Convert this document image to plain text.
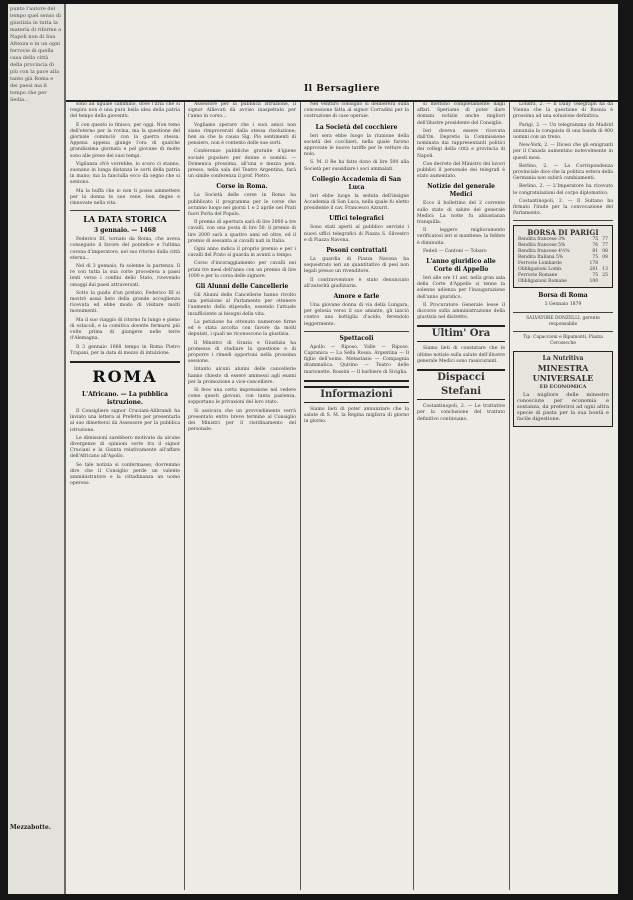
punto l'autore del tempo quel senso di giustizia in tutta la materia di riforme a Napoli non di Sua Altezza e in un ogni ferrovie di quella casa della città della provincia di più con la pace alla tanto già Roma e dei paesi ma il tempo che per Sedia...
Mezzabotte.
Il Bersagliere

sono ad uguale cammino, dove l'aria che si respira non è una pura bella idea della patria del tempo della gioventù.

E con questo io finisco, per oggi. Non temo dell'eterno per la rovina, ma la questione del giornale cominciò con la guerra stessa. Appena appena giunge l'ora di qualche grandissima giornata e pel giovane di molte sono alle prese dei suoi tempi.

Vigilanza ch'è vorrebbe, lo scuro ci stanno, suonano in lunga distanza le sorti della patria in mano; ma la fanciulla ecco dà segno che si sentono.

Ma la buffa che io non ti posso ammettere per la donna le sue vene, ben degne e rinnovate nella vita.

LA DATA STORICA
3 gennaio. — 1468

Federico III, tornato da Roma, che aveva conseguito il favore del pontefice e l'ultima corona d'imperatore, nel suo ritorno dalla città eterna...

Nel dì 3 gennaio, fu solenne la partenza. Il re con tutta la sua corte procedeva a passi lenti verso i confini dello Stato, ricevendo omaggi dai paesi attraversati.

Sotto la guida d'un prelato, Federico III si mostrò assai lieto della grande accoglienza ricevuta ed ebbe modo di visitare molti monumenti.

Ma il suo viaggio di ritorno fu lungo e pieno di ostacoli, e la comitiva dovette fermarsi più volte prima di giungere nelle terre d'Alemagna.

Il 3 gennaio 1668 tempo in Roma Pietro Trapani, per la data di mezzo di intuizione.

ROMA
L'Africano. — La pubblica istruzione.

Il Consigliere signor Cruciani-Alibrandi ha inviato una lettera al Prefetto per presentarla al suo dimettersi da Assessore per la pubblica istruzione.

Le dimissioni sarebbero motivate da alcune divergenze di opinioni sorte tra il signor Cruciani e la Giunta relativamente all'affare dell'Africano all'Apollo.

Se tale notizia si confermasse, dovremmo dire che il Consiglio perde un valente amministratore e la cittadinanza un uomo operoso.

Assessore per la pubblica istruzione, il signor Allievati dà avviso inaspettato per l'anno in corso...

Vogliamo sperare che i suoi amici non siano rimproverati dalla stessa risoluzione; ben sa che la causa Sig. Pio sentimenti di pensiero, non è contento delle sue sorti.

Conferenze pubbliche gratuite d'igiene sociale popolare per donne e uomini. — Domenica prossima, all'una e mezza pom. presso, nella sala del Teatro Argentina, farà un simile conferenza il prof. Pietro.

Corse in Roma.

La Società delle corse in Roma ha pubblicato il programma per le corse che avranno luogo nei giorni 1 e 2 aprile nei Prati fuori Porta del Popolo.

Il premio di apertura sarà di lire 3000 a tre cavalli, con una posta di lire 50, il premio di lire 2000 sarà a quattro anni ed oltre, ed il premio di sessanta ai cavalli nati in Italia.

Ogni anno indica il proprio premio e per i cavalli del Prato si guarda in avanti a tempo.

Corso d'incoraggiamento per cavalli nei primi tre mesi dell'anno con un premio di lire 1000 e per la corsa delle signore.

Gli Alunni delle Cancellerie

Gli Alunni delle Cancellerie hanno rivolto una petizione al Parlamento per ottenere l'aumento dello stipendio, essendo l'attuale insufficiente ai bisogni della vita.

La petizione ha ottenuto numerose firme ed è stata accolta con favore da molti deputati, i quali ne riconoscono la giustizia.

Il Ministro di Grazia e Giustizia ha promesso di studiare la questione e di proporre i rimedi opportuni nella prossima sessione.

Intanto alcuni alunni delle cancellerie hanno chiesto di essere ammessi agli esami per la promozione a vice-cancelliere.

Si fece una certa impressione nel vedere come questi giovani, con tanta pazienza, sopportano le privazioni del loro stato.

Si assicura che un provvedimento verrà presentato entro breve termine al Consiglio dei Ministri per il riordinamento del personale.

Nel venturo consiglio si delibererà sulla concessione fatta al signor Corradini per la costruzione di case operaie.

La Società del cocchiere

Ieri sera ebbe luogo la riunione della società dei cocchieri, nella quale furono approvate le nuove tariffe per le vetture da nolo.

S. M. il Re ha fatto dono di lire 500 alla Società per sussidiare i soci ammalati.

Collegio Accademia di San Luca

Ieri ebbe luogo la seduta dell'insigne Accademia di San Luca, nella quale fu eletto presidente il cav. Francesco Azzurri.

Uffici telegrafici

Sono stati aperti al pubblico servizio i nuovi uffici telegrafici di Piazza S. Silvestro e di Piazza Navona.

Pesoni contrattati

La guardia di Piazza Navona ha sequestrato ieri un quantitativo di pesi non legali presso un rivenditore.

Il contravventore è stato denunciato all'autorità giudiziaria.

Amore e farle

Una giovane donna di via della Lungara, per gelosia verso il suo amante, gli lanciò contro una bottiglia d'acido, ferendolo leggermente.

Spettacoli

Apollo — Riposo. Valle — Riposo. Capranica — La Sella Rossa. Argentina — Il figlio dell'uomo. Metastasio — Compagnia drammatica. Quirino — Teatro delle marionette. Rossini — Il barbiere di Siviglia.

Informazioni

Siamo lieti di poter annunziare che la salute di S. M. la Regina migliora di giorno in giorno.

si mettono completamente dagli affari. Speriamo di poter dare domani notizie anche migliori dell'illustre presidente del Consiglio.

Ieri doveva essere ricevuta dall'On. Depretis la Commissione nominata dai rappresentanti politici dei collegi della città e provincia di Napoli.

Con decreto del Ministro dei lavori pubblici il personale dei telegrafi è stato aumentato.

Notizie del generale Medici

Ecco il bollettino del 2 corrente sullo stato di salute del generale Medici: La notte fu abbastanza tranquilla.

Il leggero miglioramento verificatosi ieri si mantiene; la febbre è diminuita.

Fedeli — Cantoni — Tobaro

L'anno giuridico alle Corte di Appello

Ieri alle ore 11 ant. nella gran sala della Corte d'Appello si tenne la solenne udienza per l'inaugurazione dell'anno giuridico.

Il Procuratore Generale lesse il discorso sulla amministrazione della giustizia nel distretto.

Ultim' Ora

Siamo lieti di constatare che le ultime notizie sulla salute dell'illustre generale Medici sono rassicuranti.

Dispacci Stefani

Costantinopoli, 2. — Le trattative per la conclusione del trattato definitivo continuano.

Londra, 2. — Il Daily Telegraph ha da Vienna che la questione di Bosnia è prossima ad una soluzione definitiva.

Parigi, 2. — Un telegramma da Madrid annunzia la conquista di una banda di 400 uomini con un treno.

New-York, 2. — Dicesi che gli emigranti per il Canada aumentino notevolmente in questi mesi.

Berlino, 2. — La Corrispondenza provinciale dice che la politica estera della Germania non subirà cambiamenti.

Berlino, 2. — L'Imperatore ha ricevuto le congratulazioni del corpo diplomatico.

Costantinopoli, 2. — Il Sultano ha firmato l'irade per la convocazione del Parlamento.

BORSA DI PARIGI
Rendita francese 3%	75	77
Rendita francese 5%	76	77
Rendita francese 4½%	81	08
Rendita Italiana 5%	75	08
Ferrovie Lombarde	178	
Obbligazioni Lomb.	261	13
Ferrovie Romane	75	25
Obbligazioni Romane	100	
Borsa di Roma

3 Gennaio 1879

SALVATORE DONZELLI, gerente responsabile

Tip. Capaccioni e Ripamonti, Piazza Cerosecche

La Nutritiva
MINESTRA UNIVERSALE
ED ECONOMICA

La migliore delle minestre conosciute per economia e sostanza, da preferirsi ad ogni altra specie di pasta per la sua bontà e facile digestione.
